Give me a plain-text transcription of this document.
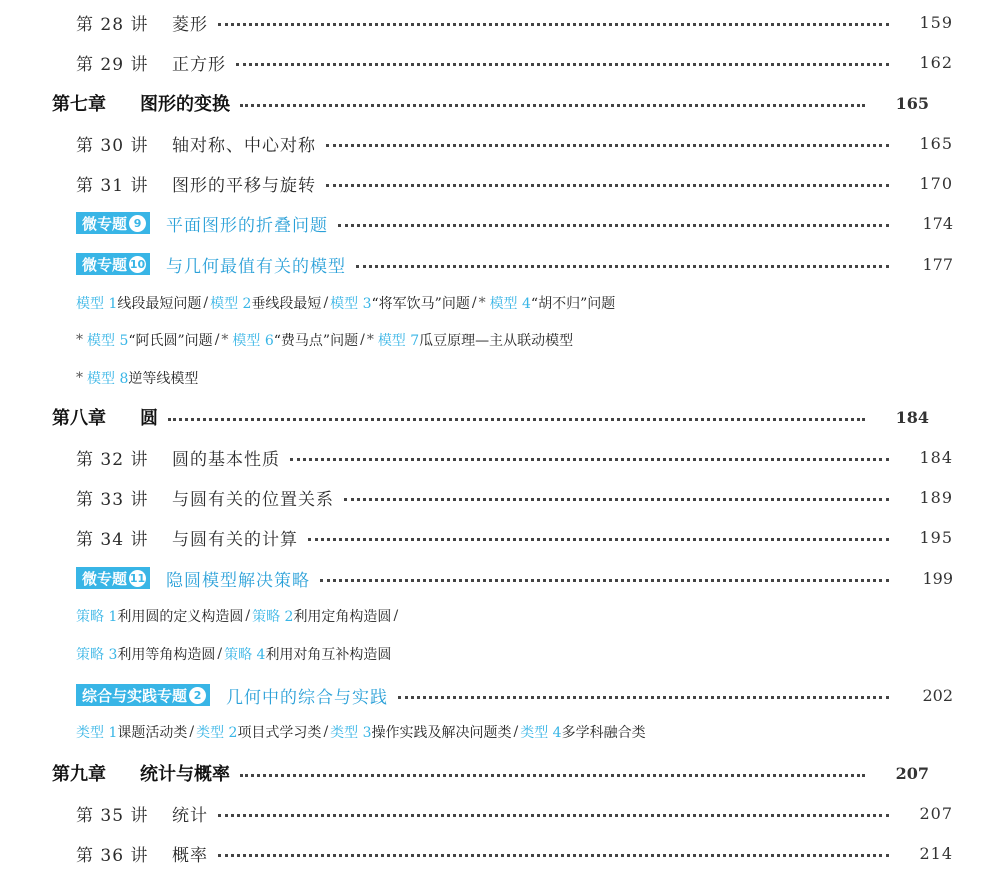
第 28 讲	菱形	159
第 29 讲	正方形	162
第七章	图形的变换	165
第 30 讲	轴对称、中心对称	165
第 31 讲	图形的平移与旋转	170
微专题 9 平面图形的折叠问题	174
微专题 10 与几何最值有关的模型	177
第八章	圆	184
第 32 讲	圆的基本性质	184
第 33 讲	与圆有关的位置关系	189
第 34 讲	与圆有关的计算	195
微专题 11 隐圆模型解决策略	199
综合与实践专题 2 几何中的综合与实践	202
第九章	统计与概率	207
第 35 讲	统计	207
第 36 讲	概率	214
模型 1 线段最短问题 / 模型 2 垂线段最短 / 模型 3 “将军饮马”问题 / * 模型 4 “胡不归”问题
* 模型 5 “阿氏圆”问题 / * 模型 6 “费马点”问题 / * 模型 7 瓜豆原理—主从联动模型
* 模型 8 逆等线模型
策略 1 利用圆的定义构造圆 / 策略 2 利用定角构造圆 /
策略 3 利用等角构造圆 / 策略 4 利用对角互补构造圆
类型 1 课题活动类 / 类型 2 项目式学习类 / 类型 3 操作实践及解决问题类 / 类型 4 多学科融合类
